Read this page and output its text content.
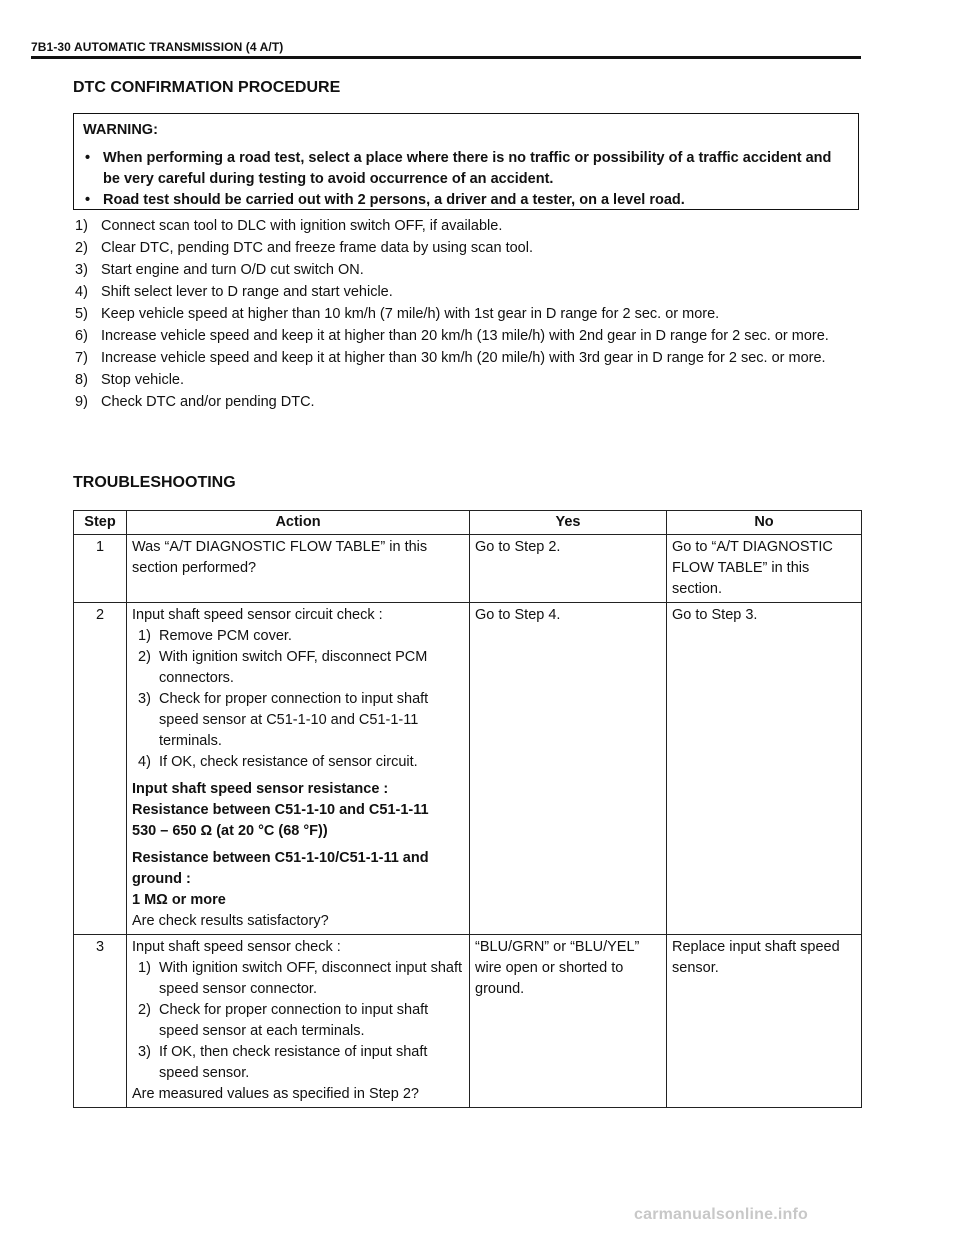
7B1-30 AUTOMATIC TRANSMISSION (4 A/T)
DTC CONFIRMATION PROCEDURE
WARNING:
• When performing a road test, select a place where there is no traffic or possibility of a traffic accident and be very careful during testing to avoid occurrence of an accident.
• Road test should be carried out with 2 persons, a driver and a tester, on a level road.
1) Connect scan tool to DLC with ignition switch OFF, if available.
2) Clear DTC, pending DTC and freeze frame data by using scan tool.
3) Start engine and turn O/D cut switch ON.
4) Shift select lever to D range and start vehicle.
5) Keep vehicle speed at higher than 10 km/h (7 mile/h) with 1st gear in D range for 2 sec. or more.
6) Increase vehicle speed and keep it at higher than 20 km/h (13 mile/h) with 2nd gear in D range for 2 sec. or more.
7) Increase vehicle speed and keep it at higher than 30 km/h (20 mile/h) with 3rd gear in D range for 2 sec. or more.
8) Stop vehicle.
9) Check DTC and/or pending DTC.
TROUBLESHOOTING
Step	Action	Yes	No
1	Was “A/T DIAGNOSTIC FLOW TABLE” in this section performed?
	Go to Step 2.	Go to “A/T DIAGNOSTIC FLOW TABLE” in this section.
2	Input shaft speed sensor circuit check :
1) Remove PCM cover.
2) With ignition switch OFF, disconnect PCM connectors.
3) Check for proper connection to input shaft speed sensor at C51-1-10 and C51-1-11 terminals.
4) If OK, check resistance of sensor circuit.
Input shaft speed sensor resistance :
Resistance between C51-1-10 and C51-1-11
530 – 650 Ω (at 20 °C (68 °F))
Resistance between C51-1-10/C51-1-11 and ground :
1 MΩ or more
Are check results satisfactory?
	Go to Step 4.	Go to Step 3.
3	Input shaft speed sensor check :
1) With ignition switch OFF, disconnect input shaft speed sensor connector.
2) Check for proper connection to input shaft speed sensor at each terminals.
3) If OK, then check resistance of input shaft speed sensor.
Are measured values as specified in Step 2?
	“BLU/GRN” or “BLU/YEL” wire open or shorted to ground.	Replace input shaft speed sensor.
carmanualsonline.info
